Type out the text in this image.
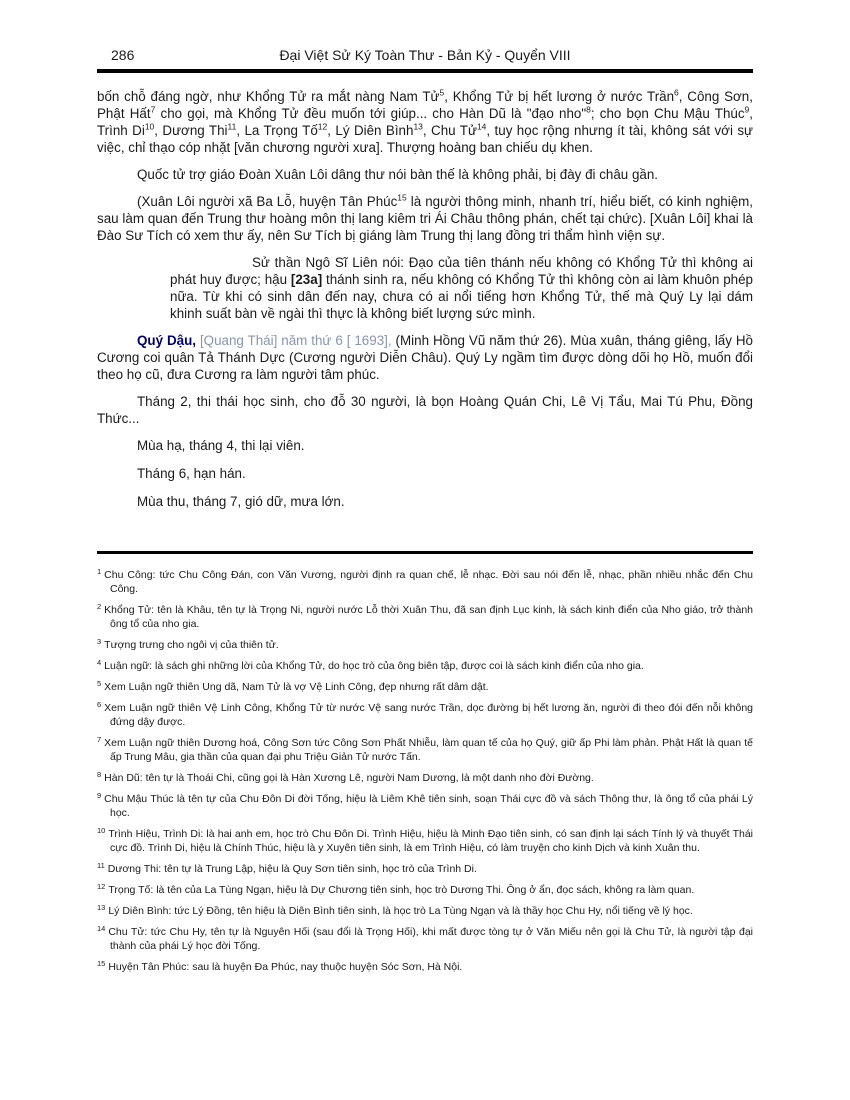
286	Đại Việt Sử Ký Toàn Thư - Bản Kỷ - Quyển VIII

bốn chỗ đáng ngờ, như Khổng Tử ra mắt nàng Nam Tử$^5$, Khổng Tử bị hết lương ở nước Trần$^6$, Công Sơn, Phật Hất$^7$ cho gọi, mà Khổng Tử đều muốn tới giúp... cho Hàn Dũ là "đạo nho"$^8$; cho bọn Chu Mậu Thúc$^9$, Trình Di$^{10}$, Dương Thi$^{11}$, La Trọng Tố$^{12}$, Lý Diên Bình$^{13}$, Chu Tử$^{14}$, tuy học rộng nhưng ít tài, không sát với sự việc, chỉ thạo cóp nhặt [văn chương người xưa]. Thượng hoàng ban chiếu dụ khen.

Quốc tử trợ giáo Đoàn Xuân Lôi dâng thư nói bàn thế là không phải, bị đày đi châu gần.

(Xuân Lôi người xã Ba Lỗ, huyện Tân Phúc$^{15}$ là người thông minh, nhanh trí, hiểu biết, có kinh nghiệm, sau làm quan đến Trung thư hoàng môn thị lang kiêm tri Ái Châu thông phán, chết tại chức). [Xuân Lôi] khai là Đào Sư Tích có xem thư ấy, nên Sư Tích bị giáng làm Trung thị lang đồng tri thẩm hình viện sự.

Sử thần Ngô Sĩ Liên nói: Đạo của tiên thánh nếu không có Khổng Tử thì không ai phát huy được; hậu [23a] thánh sinh ra, nếu không có Khổng Tử thì không còn ai làm khuôn phép nữa. Từ khi có sinh dân đến nay, chưa có ai nổi tiếng hơn Khổng Tử, thế mà Quý Ly lại dám khinh suất bàn về ngài thì thực là không biết lượng sức mình.

Quý Dậu, [Quang Thái] năm thứ 6 [ 1693], (Minh Hồng Vũ năm thứ 26). Mùa xuân, tháng giêng, lấy Hồ Cương coi quân Tả Thánh Dực (Cương người Diễn Châu). Quý Ly ngầm tìm được dòng dõi họ Hồ, muốn đổi theo họ cũ, đưa Cương ra làm người tâm phúc.

Tháng 2, thi thái học sinh, cho đỗ 30 người, là bọn Hoàng Quán Chi, Lê Vị Tẩu, Mai Tú Phu, Đồng Thức...

Mùa hạ, tháng 4, thi lại viên.

Tháng 6, hạn hán.

Mùa thu, tháng 7, gió dữ, mưa lớn.

$^1$ Chu Công: tức Chu Công Đán, con Văn Vương, người định ra quan chế, lễ nhạc. Đời sau nói đến lễ, nhạc, phần nhiều nhắc đến Chu Công.
$^2$ Khổng Tử: tên là Khâu, tên tự là Trọng Ni, người nước Lỗ thời Xuân Thu, đã san định Lục kinh, là sách kinh điển của Nho giáo, trở thành ông tổ của nho gia.
$^3$ Tượng trưng cho ngôi vị của thiên tử.
$^4$ Luận ngữ: là sách ghi những lời của Khổng Tử, do học trò của ông biên tập, được coi là sách kinh điển của nho gia.
$^5$ Xem Luận ngữ thiên Ung dã, Nam Tử là vợ Vệ Linh Công, đẹp nhưng rất dâm dật.
$^6$ Xem Luận ngữ thiên Vệ Linh Công, Khổng Tử từ nước Vệ sang nước Trần, dọc đường bị hết lương ăn, người đi theo đói đến nỗi không đứng dậy được.
$^7$ Xem Luận ngữ thiên Dương hoá, Công Sơn tức Công Sơn Phất Nhiễu, làm quan tế của họ Quý, giữ ấp Phi làm phản. Phật Hất là quan tế ấp Trung Mâu, gia thần của quan đại phu Triệu Giản Tử nước Tấn.
$^8$ Hàn Dũ: tên tự là Thoái Chi, cũng gọi là Hàn Xương Lê, người Nam Dương, là một danh nho đời Đường.
$^9$ Chu Mậu Thúc là tên tự của Chu Đôn Di đời Tống, hiệu là Liêm Khê tiên sinh, soạn Thái cực đồ và sách Thông thư, là ông tổ của phái Lý học.
$^{10}$ Trình Hiệu, Trình Di: là hai anh em, học trò Chu Đôn Di. Trình Hiệu, hiệu là Minh Đạo tiên sinh, có san định lại sách Tính lý và thuyết Thái cực đồ. Trình Di, hiệu là Chính Thúc, hiệu là y Xuyên tiên sinh, là em Trình Hiệu, có làm truyện cho kinh Dịch và kinh Xuân thu.
$^{11}$ Dương Thi: tên tự là Trung Lập, hiệu là Quy Sơn tiên sinh, học trò của Trình Di.
$^{12}$ Trọng Tố: là tên của La Tùng Ngạn, hiệu là Dự Chương tiên sinh, học trò Dương Thi. Ông ở ẩn, đọc sách, không ra làm quan.
$^{13}$ Lý Diên Bình: tức Lý Đồng, tên hiệu là Diên Bình tiên sinh, là học trò La Tùng Ngạn và là thầy học Chu Hy, nổi tiếng về lý học.
$^{14}$ Chu Tử: tức Chu Hy, tên tự là Nguyên Hối (sau đổi là Trọng Hối), khi mất được tòng tự ở Văn Miếu nên gọi là Chu Tử, là người tập đại thành của phái Lý học đời Tống.
$^{15}$ Huyện Tân Phúc: sau là huyện Đa Phúc, nay thuộc huyện Sóc Sơn, Hà Nội.
